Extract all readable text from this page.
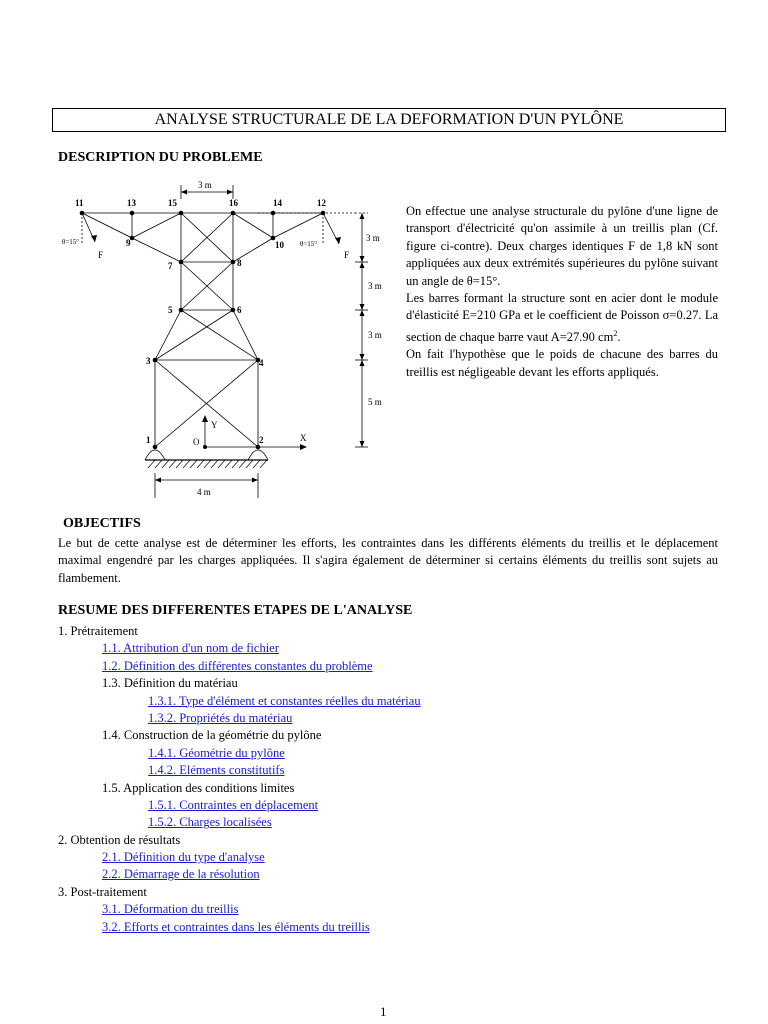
ANALYSE STRUCTURALE DE LA DEFORMATION D'UN PYLÔNE
DESCRIPTION DU PROBLEME
3 m
4 m
3 m
3 m
3 m
5 m
θ=15°	θ=15°
F	F
X
Y
O
11	13	15	16	14	12
9	10
7	8
5	6
3	4
1	2
On effectue une analyse structurale du pylône d'une ligne de transport d'électricité qu'on assimile à un treillis plan (Cf. figure ci-contre). Deux charges identiques F de 1,8 kN sont appliquées aux deux extrémités supérieures du pylône suivant un angle de θ=15°.
Les barres formant la structure sont en acier dont le module d'élasticité E=210 GPa et le coefficient de Poisson σ=0.27. La section de chaque barre vaut A=27.90 $cm^2$.
On fait l'hypothèse que le poids de chacune des barres du treillis est négligeable devant les efforts appliqués.
OBJECTIFS
Le but de cette analyse est de déterminer les efforts, les contraintes dans les différents éléments du treillis et le déplacement maximal engendré par les charges appliquées. Il s'agira également de déterminer si certains éléments du treillis sont sujets au flambement.
RESUME DES DIFFERENTES ETAPES DE L'ANALYSE
1. Prétraitement
1.1. Attribution d'un nom de fichier
1.2. Définition des différentes constantes du problème
1.3. Définition du matériau
1.3.1. Type d'élément et constantes réelles du matériau
1.3.2. Propriétés du matériau
1.4. Construction de la géométrie du pylône
1.4.1. Géométrie du pylône
1.4.2. Eléments constitutifs
1.5. Application des conditions limites
1.5.1. Contraintes en déplacement
1.5.2. Charges localisées
2. Obtention de résultats
2.1. Définition du type d'analyse
2.2. Démarrage de la résolution
3. Post-traitement
3.1. Déformation du treillis
3.2. Efforts et contraintes dans les éléments du treillis
1
